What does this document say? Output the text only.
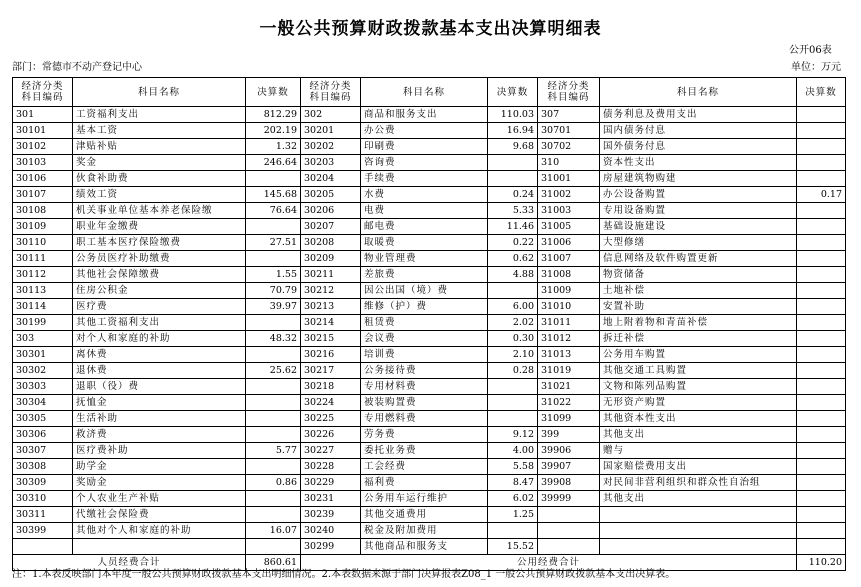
一般公共预算财政拨款基本支出决算明细表
公开06表
部门：常德市不动产登记中心	单位：万元
经济分类
科目编码	科目名称	决算数	经济分类
科目编码	科目名称	决算数	经济分类
科目编码	科目名称	决算数
301	工资福利支出	812.29	302	商品和服务支出	110.03	307	债务利息及费用支出	
30101	基本工资	202.19	30201	办公费	16.94	30701	国内债务付息	
30102	津贴补贴	1.32	30202	印刷费	9.68	30702	国外债务付息	
30103	奖金	246.64	30203	咨询费		310	资本性支出	
30106	伙食补助费		30204	手续费		31001	房屋建筑物购建	
30107	绩效工资	145.68	30205	水费	0.24	31002	办公设备购置	0.17
30108	机关事业单位基本养老保险缴	76.64	30206	电费	5.33	31003	专用设备购置	
30109	职业年金缴费		30207	邮电费	11.46	31005	基础设施建设	
30110	职工基本医疗保险缴费	27.51	30208	取暖费	0.22	31006	大型修缮	
30111	公务员医疗补助缴费		30209	物业管理费	0.62	31007	信息网络及软件购置更新	
30112	其他社会保障缴费	1.55	30211	差旅费	4.88	31008	物资储备	
30113	住房公积金	70.79	30212	因公出国（境）费		31009	土地补偿	
30114	医疗费	39.97	30213	维修（护）费	6.00	31010	安置补助	
30199	其他工资福利支出		30214	租赁费	2.02	31011	地上附着物和青苗补偿	
303	对个人和家庭的补助	48.32	30215	会议费	0.30	31012	拆迁补偿	
30301	离休费		30216	培训费	2.10	31013	公务用车购置	
30302	退休费	25.62	30217	公务接待费	0.28	31019	其他交通工具购置	
30303	退职（役）费		30218	专用材料费		31021	文物和陈列品购置	
30304	抚恤金		30224	被装购置费		31022	无形资产购置	
30305	生活补助		30225	专用燃料费		31099	其他资本性支出	
30306	救济费		30226	劳务费	9.12	399	其他支出	
30307	医疗费补助	5.77	30227	委托业务费	4.00	39906	赠与	
30308	助学金		30228	工会经费	5.58	39907	国家赔偿费用支出	
30309	奖励金	0.86	30229	福利费	8.47	39908	对民间非营利组织和群众性自治组	
30310	个人农业生产补贴		30231	公务用车运行维护	6.02	39999	其他支出	
30311	代缴社会保险费		30239	其他交通费用	1.25			
30399	其他对个人和家庭的补助	16.07	30240	税金及附加费用				
			30299	其他商品和服务支	15.52			
人员经费合计		860.61	公用经费合计					110.20
注：1.本表反映部门本年度一般公共预算财政拨款基本支出明细情况。2.本表数据来源于部门决算报表Z08_1 一般公共预算财政拨款基本支出决算表。
